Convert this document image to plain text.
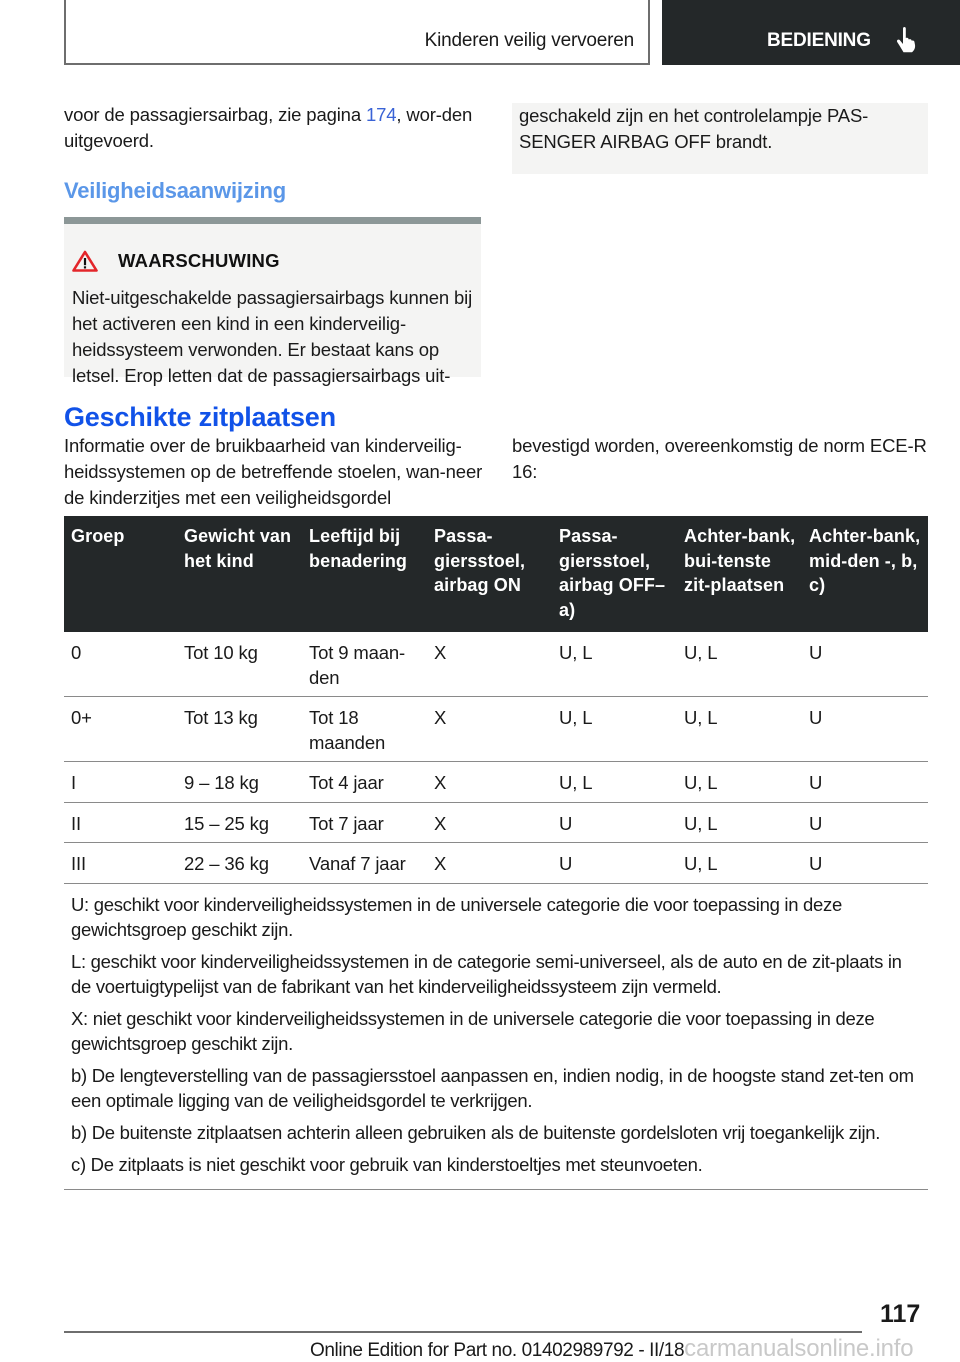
Kinderen veilig vervoeren	BEDIENING

voor de passagiersairbag, zie pagina 174, wor-den uitgevoerd.

Veiligheidsaanwijzing
WAARSCHUWING

Niet-uitgeschakelde passagiersairbags kunnen bij het activeren een kind in een kinderveilig-heidssysteem verwonden. Er bestaat kans op letsel. Erop letten dat de passagiersairbags uit-

geschakeld zijn en het controlelampje PAS-SENGER AIRBAG OFF brandt.

Geschikte zitplaatsen

Informatie over de bruikbaarheid van kinderveilig-heidssystemen op de betreffende stoelen, wan-neer de kinderzitjes met een veiligheidsgordel

bevestigd worden, overeenkomstig de norm ECE-R 16:

Groep	Gewicht van het kind	Leeftijd bij benadering	Passa-giersstoel, airbag ON	Passa-giersstoel, airbag OFF– a)	Achter-bank, bui-tenste zit-plaatsen	Achter-bank, mid-den -, b, c)
0	Tot 10 kg	Tot 9 maan-den	X	U, L	U, L	U
0+	Tot 13 kg	Tot 18 maanden	X	U, L	U, L	U
I	9 – 18 kg	Tot 4 jaar	X	U, L	U, L	U
II	15 – 25 kg	Tot 7 jaar	X	U	U, L	U
III	22 – 36 kg	Vanaf 7 jaar	X	U	U, L	U

U: geschikt voor kinderveiligheidssystemen in de universele categorie die voor toepassing in deze gewichtsgroep geschikt zijn.

L: geschikt voor kinderveiligheidssystemen in de categorie semi-universeel, als de auto en de zit-plaats in de voertuigtypelijst van de fabrikant van het kinderveiligheidssysteem zijn vermeld.

X: niet geschikt voor kinderveiligheidssystemen in de universele categorie die voor toepassing in deze gewichtsgroep geschikt zijn.

b) De lengteverstelling van de passagiersstoel aanpassen en, indien nodig, in de hoogste stand zet-ten om een optimale ligging van de veiligheidsgordel te verkrijgen.

b) De buitenste zitplaatsen achterin alleen gebruiken als de buitenste gordelsloten vrij toegankelijk zijn.

c) De zitplaats is niet geschikt voor gebruik van kinderstoeltjes met steunvoeten.

117
Online Edition for Part no. 01402989792 - II/18carmanualsonline.info
